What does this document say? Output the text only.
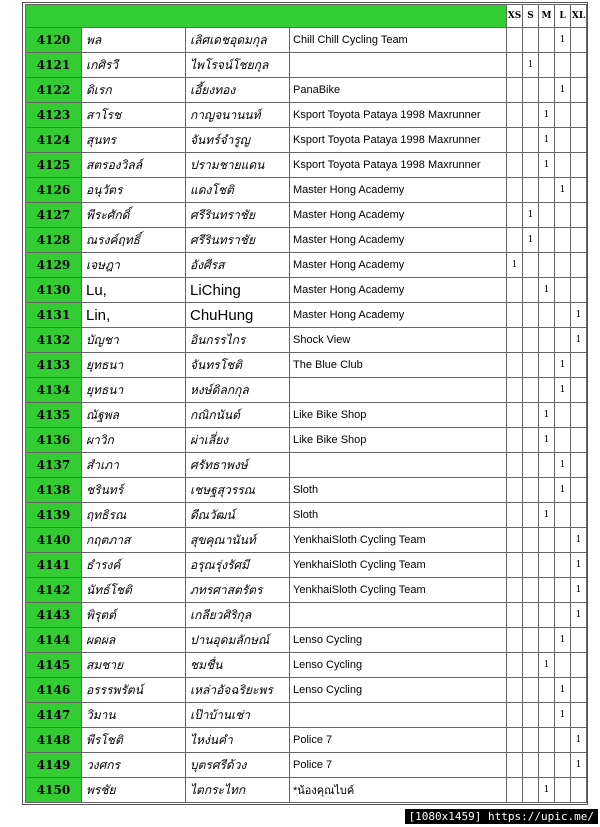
				XS	S	M	L	XL
4120	พล	เลิศเดชอุดมกุล	Chill Chill Cycling Team				1	
4121	เกศิรวี	ไพโรจน์โชยกุล			1			
4122	ดิเรก	เอี้ยงทอง	PanaBike				1	
4123	สาโรช	กาญจนานนท์	Ksport Toyota Pataya 1998 Maxrunner			1		
4124	สุนทร	จันทร์จำรูญ	Ksport Toyota Pataya 1998 Maxrunner			1		
4125	สตรองวิลล์	ปรามชายแดน	Ksport Toyota Pataya 1998 Maxrunner			1		
4126	อนุวัตร	แดงโชติ	Master Hong Academy				1	
4127	พีระศักดิ์	ศรีรินทราชัย	Master Hong Academy		1			
4128	ณรงค์ฤทธิ์	ศรีรินทราชัย	Master Hong Academy		1			
4129	เจษฎา	อังศีรส	Master Hong Academy	1				
4130	Lu,	LiChing	Master Hong Academy			1		
4131	Lin,	ChuHung	Master Hong Academy					1
4132	บัญชา	อินกรรไกร	Shock View					1
4133	ยุทธนา	จันทรโชติ	The Blue Club				1	
4134	ยุทธนา	หงษ์ดิลกกุล					1	
4135	ณัฐพล	กณิกนันต์	Like Bike Shop			1		
4136	ผาวิก	ผ่าเลี่ยง	Like Bike Shop			1		
4137	สำเภา	ศรัทธาพงษ์					1	
4138	ชรินทร์	เชษฐสุวรรณ	Sloth				1	
4139	ฤทธิรณ	ดีณวัฒน์	Sloth			1		
4140	กฤตภาส	สุขคุณานันท์	YenkhaiSloth Cycling Team					1
4141	ธำรงค์	อรุณรุ่งรัศมี	YenkhaiSloth Cycling Team					1
4142	นัทธ์โชติ	ภทรศาสตรัตร	YenkhaiSloth Cycling Team					1
4143	พิรุตต์	เกลียวศิริกุล						1
4144	ผดผล	ปานอุดมลักษณ์	Lenso Cycling				1	
4145	สมชาย	ชมชื่น	Lenso Cycling			1		
4146	อรรรพรัตน์	เหล่าอัจฉริยะพร	Lenso Cycling				1	
4147	วิมาน	เป๊าบ้านเช่า					1	
4148	พีรโชติ	ไหง่นคำ	Police 7					1
4149	วงศกร	บุตรศรีด้วง	Police 7					1
4150	พรชัย	ไตกระไทก	*น้องคุณไบค์			1		
[1080x1459] https://upic.me/
